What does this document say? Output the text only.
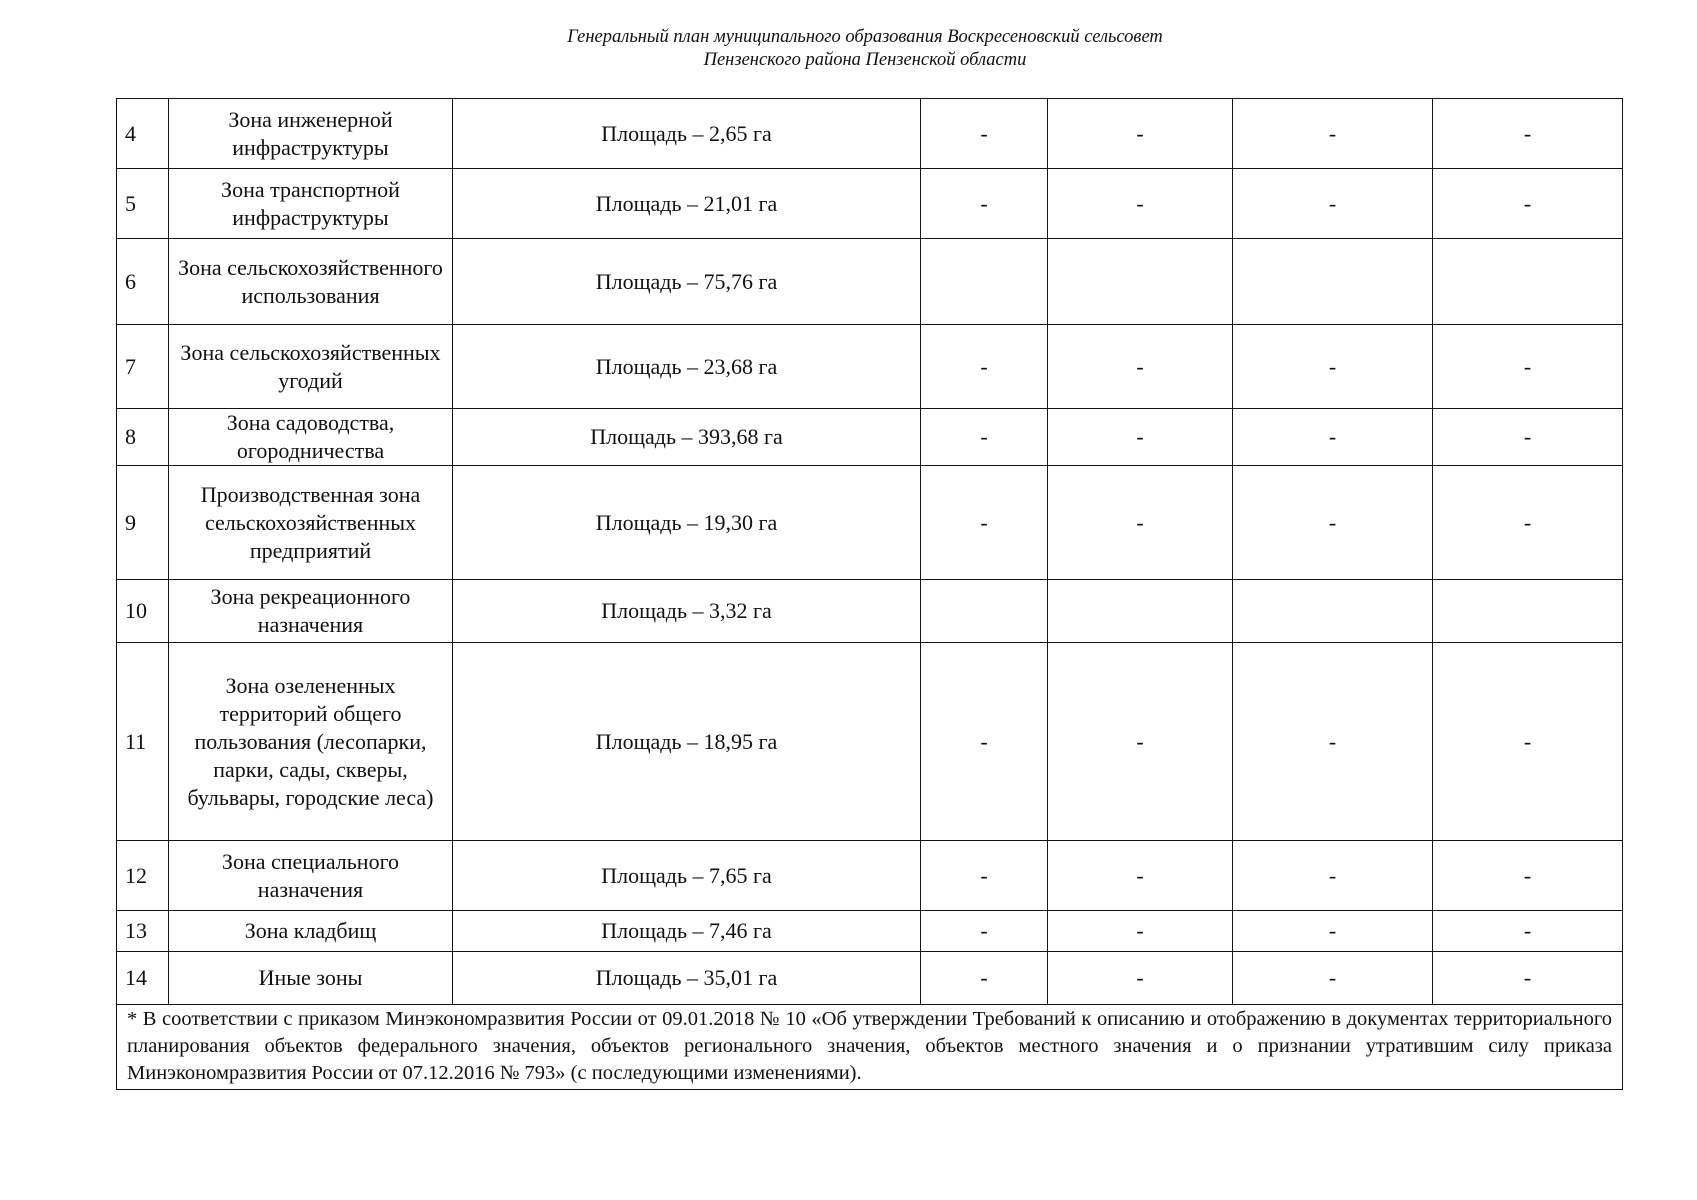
Генеральный план муниципального образования Воскресеновский сельсовет
Пензенского района Пензенской области
4	Зона инженерной инфраструктуры	Площадь – 2,65 га	-	-	-	-
5	Зона транспортной инфраструктуры	Площадь – 21,01 га	-	-	-	-
6	Зона сельскохозяйственного использования	Площадь – 75,76 га				
7	Зона сельскохозяйственных угодий	Площадь – 23,68 га	-	-	-	-
8	Зона садоводства, огородничества	Площадь – 393,68 га	-	-	-	-
9	Производственная зона сельскохозяйственных предприятий	Площадь – 19,30 га	-	-	-	-
10	Зона рекреационного назначения	Площадь – 3,32 га				
11	Зона озелененных территорий общего пользования (лесопарки, парки, сады, скверы, бульвары, городские леса)	Площадь – 18,95 га	-	-	-	-
12	Зона специального назначения	Площадь – 7,65 га	-	-	-	-
13	Зона кладбищ	Площадь – 7,46 га	-	-	-	-
14	Иные зоны	Площадь – 35,01 га	-	-	-	-
* В соответствии с приказом Минэкономразвития России от 09.01.2018 № 10 «Об утверждении Требований к описанию и отображению в документах территориального планирования объектов федерального значения, объектов регионального значения, объектов местного значения и о признании утратившим силу приказа Минэкономразвития России от 07.12.2016 № 793» (с последующими изменениями).						
